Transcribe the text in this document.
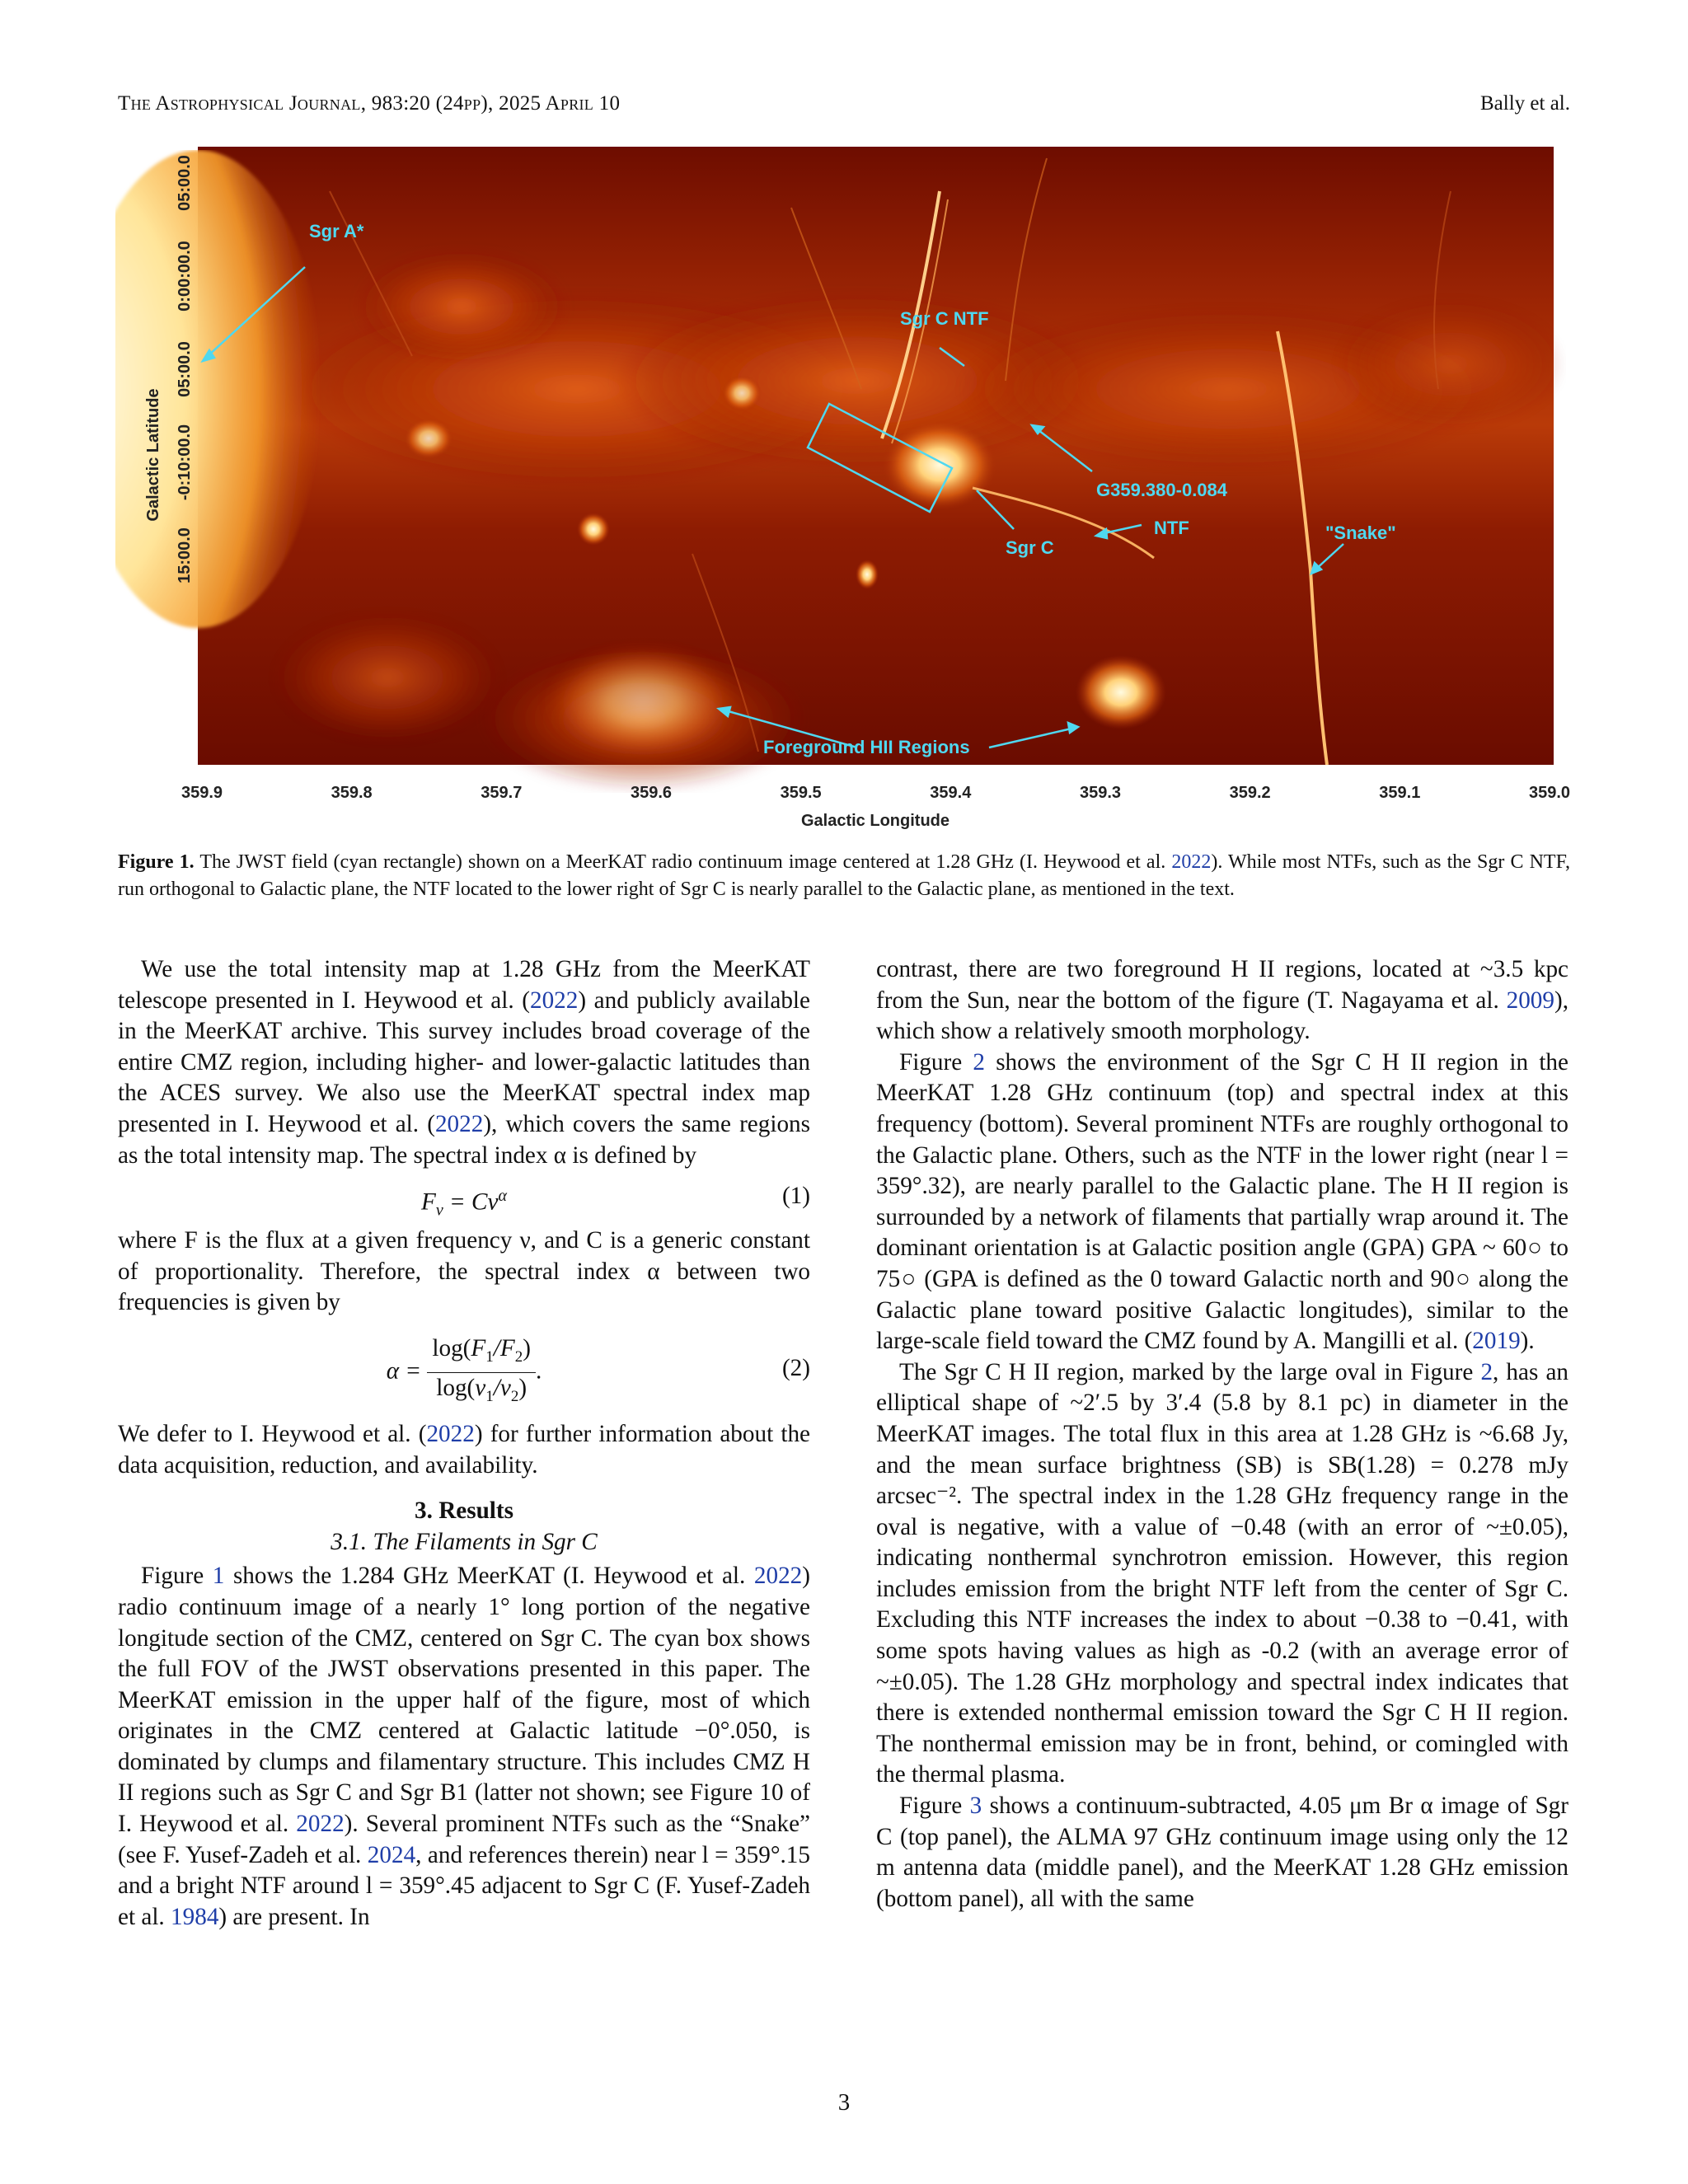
The Astrophysical Journal, 983:20 (24pp), 2025 April 10	Bally et al.
Sgr A*
Sgr C NTF
G359.380-0.084
NTF
Sgr C
"Snake"
Foreground HII Regions
359.9	359.8	359.7	359.6	359.5	359.4	359.3	359.2	359.1	359.0
05:00.0
0:00:00.0
05:00.0
-0:10:00.0
15:00.0
Galactic Longitude
Galactic Latitude
Figure 1. The JWST field (cyan rectangle) shown on a MeerKAT radio continuum image centered at 1.28 GHz (I. Heywood et al. 2022). While most NTFs, such as the Sgr C NTF, run orthogonal to Galactic plane, the NTF located to the lower right of Sgr C is nearly parallel to the Galactic plane, as mentioned in the text.

We use the total intensity map at 1.28 GHz from the MeerKAT telescope presented in I. Heywood et al. (2022) and publicly available in the MeerKAT archive. This survey includes broad coverage of the entire CMZ region, including higher- and lower-galactic latitudes than the ACES survey. We also use the MeerKAT spectral index map presented in I. Heywood et al. (2022), which covers the same regions as the total intensity map. The spectral index α is defined by

$F_\nu = C\nu^\alpha$	(1)

where F is the flux at a given frequency ν, and C is a generic constant of proportionality. Therefore, the spectral index α between two frequencies is given by

$\alpha = \frac{\log(F_1/F_2)}{\log(\nu_1/\nu_2)}$ .	(2)

We defer to I. Heywood et al. (2022) for further information about the data acquisition, reduction, and availability.

3. Results
3.1. The Filaments in Sgr C

Figure 1 shows the 1.284 GHz MeerKAT (I. Heywood et al. 2022) radio continuum image of a nearly 1° long portion of the negative longitude section of the CMZ, centered on Sgr C. The cyan box shows the full FOV of the JWST observations presented in this paper. The MeerKAT emission in the upper half of the figure, most of which originates in the CMZ centered at Galactic latitude −0°.050, is dominated by clumps and filamentary structure. This includes CMZ H II regions such as Sgr C and Sgr B1 (latter not shown; see Figure 10 of I. Heywood et al. 2022). Several prominent NTFs such as the “Snake” (see F. Yusef-Zadeh et al. 2024, and references therein) near l = 359°.15 and a bright NTF around l = 359°.45 adjacent to Sgr C (F. Yusef-Zadeh et al. 1984) are present. In

contrast, there are two foreground H II regions, located at ~3.5 kpc from the Sun, near the bottom of the figure (T. Nagayama et al. 2009), which show a relatively smooth morphology.

Figure 2 shows the environment of the Sgr C H II region in the MeerKAT 1.28 GHz continuum (top) and spectral index at this frequency (bottom). Several prominent NTFs are roughly orthogonal to the Galactic plane. Others, such as the NTF in the lower right (near l = 359°.32), are nearly parallel to the Galactic plane. The H II region is surrounded by a network of filaments that partially wrap around it. The dominant orientation is at Galactic position angle (GPA) GPA ~ 60○ to 75○ (GPA is defined as the 0 toward Galactic north and 90○ along the Galactic plane toward positive Galactic longitudes), similar to the large-scale field toward the CMZ found by A. Mangilli et al. (2019).

The Sgr C H II region, marked by the large oval in Figure 2, has an elliptical shape of ~2′.5 by 3′.4 (5.8 by 8.1 pc) in diameter in the MeerKAT images. The total flux in this area at 1.28 GHz is ~6.68 Jy, and the mean surface brightness (SB) is SB(1.28) = 0.278 mJy arcsec⁻². The spectral index in the 1.28 GHz frequency range in the oval is negative, with a value of −0.48 (with an error of ~±0.05), indicating nonthermal synchrotron emission. However, this region includes emission from the bright NTF left from the center of Sgr C. Excluding this NTF increases the index to about −0.38 to −0.41, with some spots having values as high as -0.2 (with an average error of ~±0.05). The 1.28 GHz morphology and spectral index indicates that there is extended nonthermal emission toward the Sgr C H II region. The nonthermal emission may be in front, behind, or comingled with the thermal plasma.

Figure 3 shows a continuum-subtracted, 4.05 μm Br α image of Sgr C (top panel), the ALMA 97 GHz continuum image using only the 12 m antenna data (middle panel), and the MeerKAT 1.28 GHz emission (bottom panel), all with the same

3
